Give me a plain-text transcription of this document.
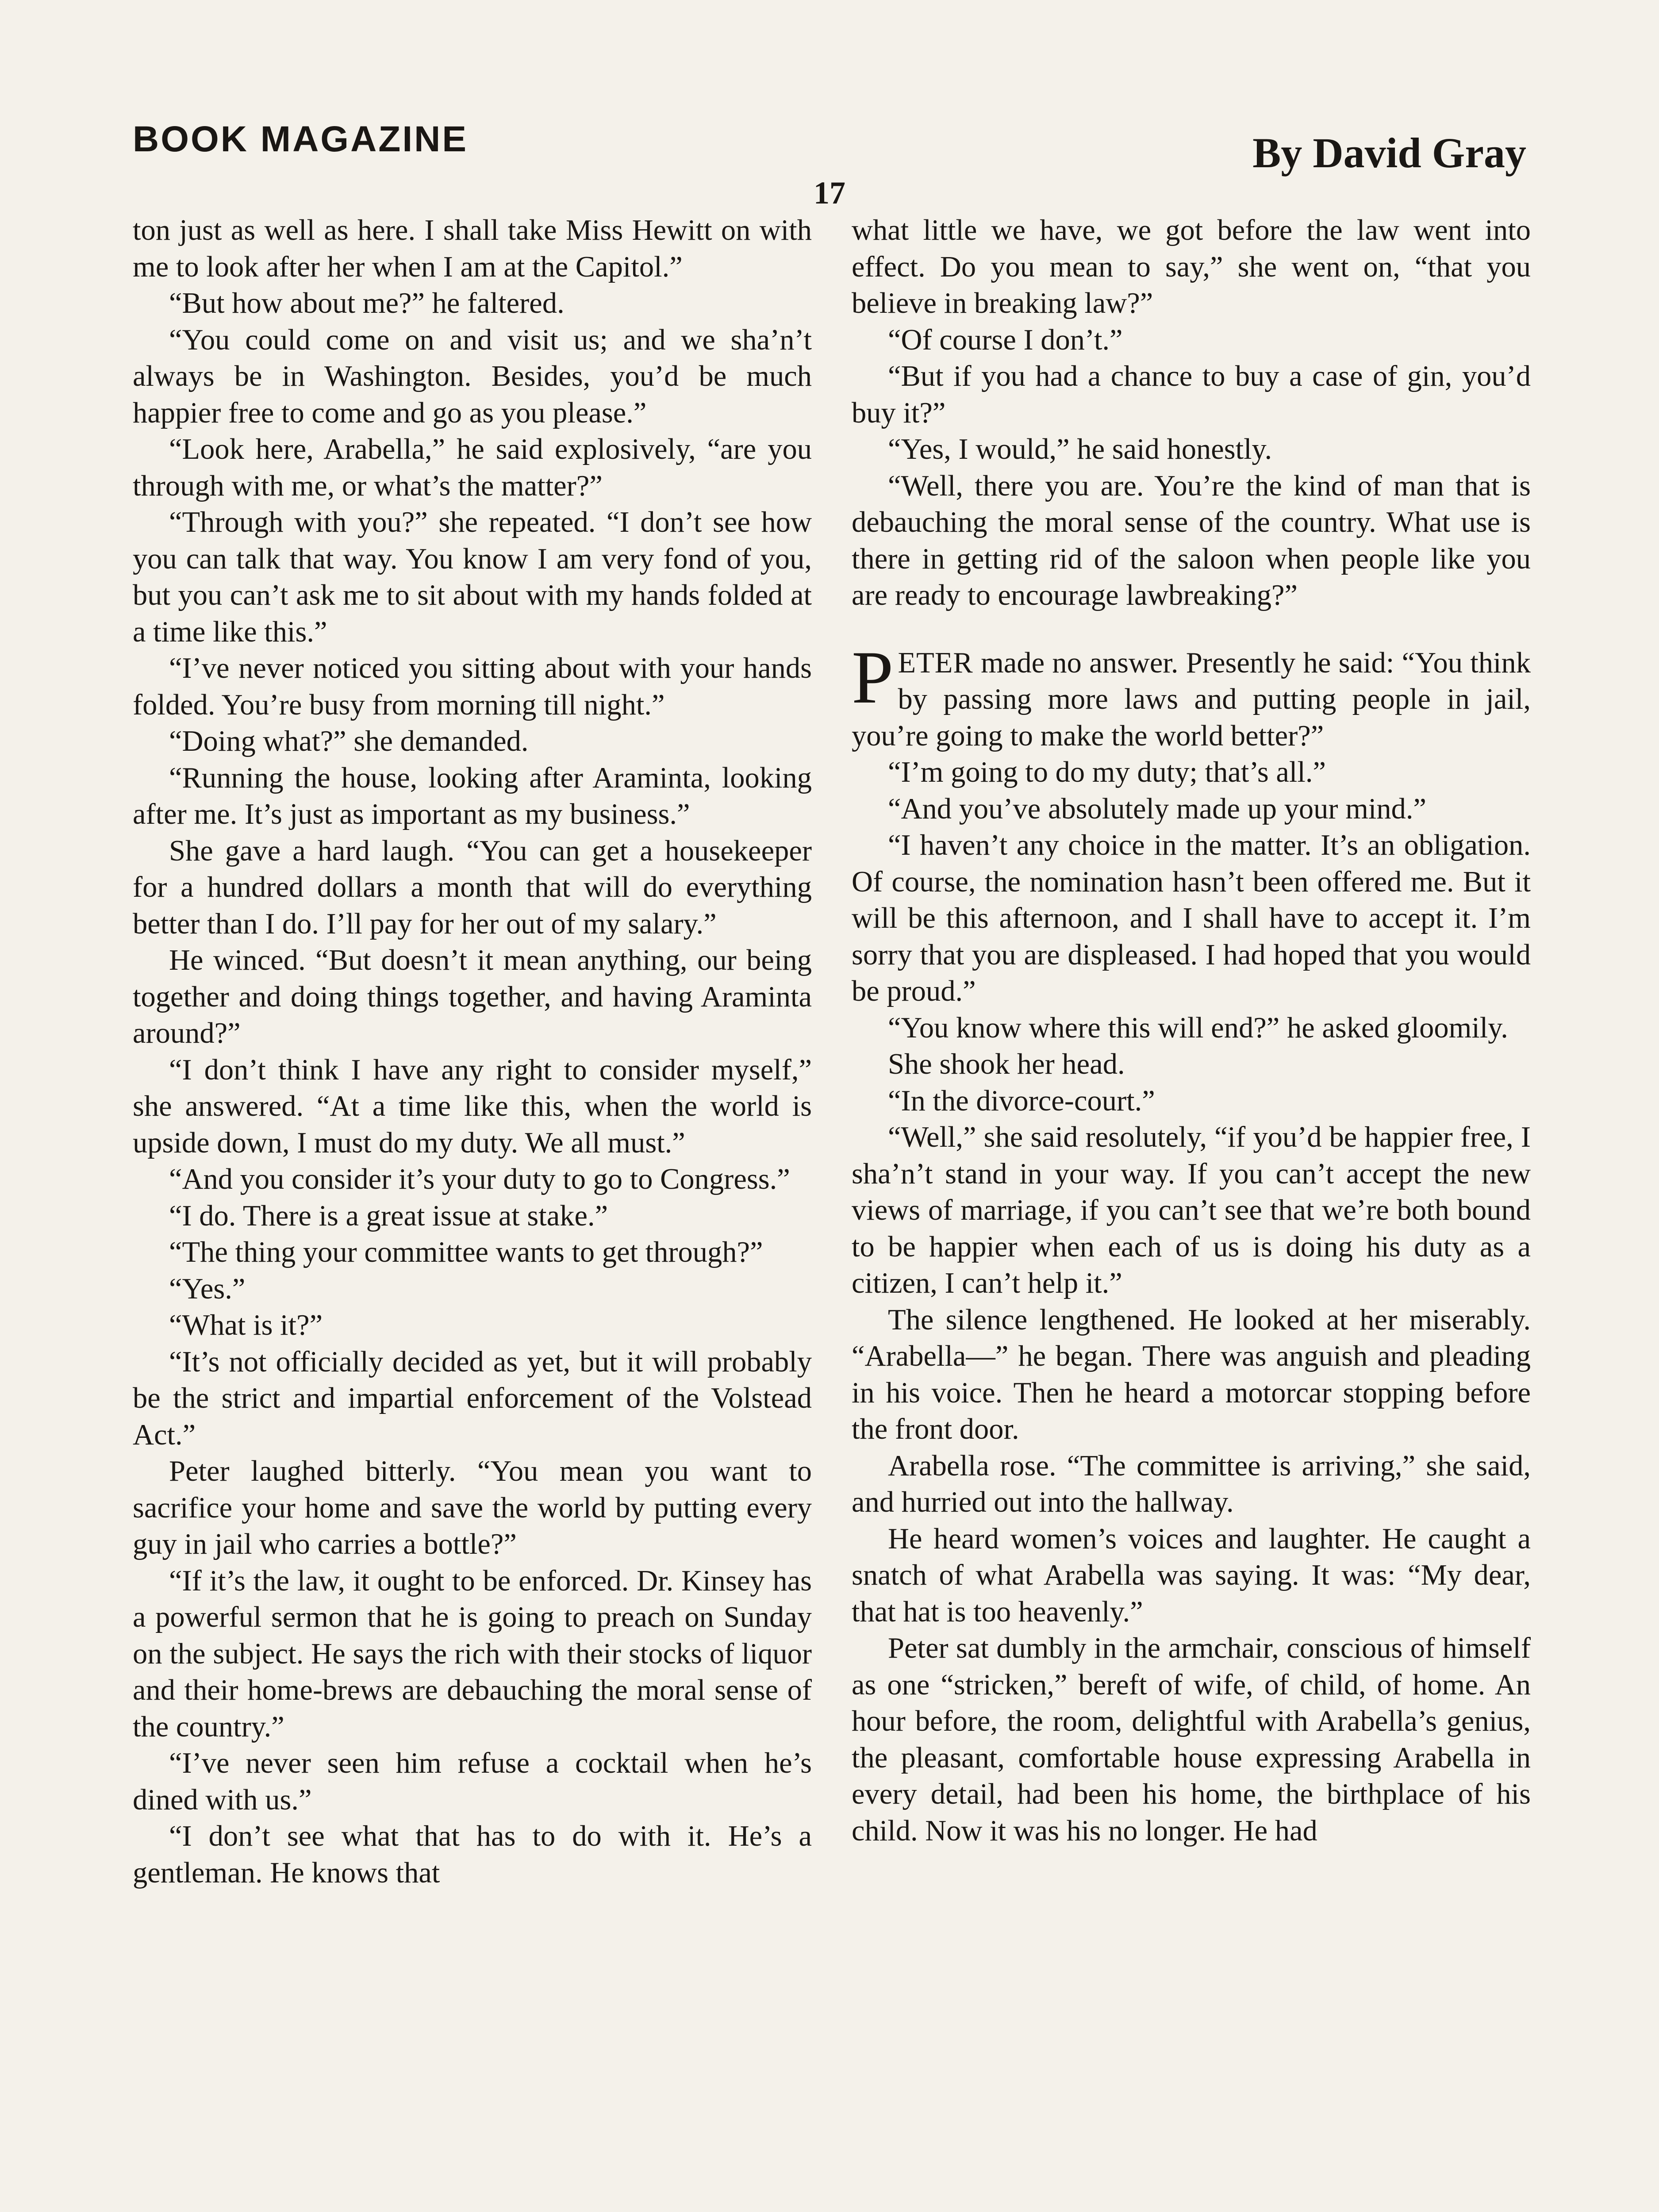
BOOK MAGAZINE	By David Gray
17

ton just as well as here. I shall take Miss Hewitt on with me to look after her when I am at the Capitol.”

“But how about me?” he faltered.

“You could come on and visit us; and we sha’n’t always be in Washington. Besides, you’d be much happier free to come and go as you please.”

“Look here, Arabella,” he said explosively, “are you through with me, or what’s the matter?”

“Through with you?” she repeated. “I don’t see how you can talk that way. You know I am very fond of you, but you can’t ask me to sit about with my hands folded at a time like this.”

“I’ve never noticed you sitting about with your hands folded. You’re busy from morning till night.”

“Doing what?” she demanded.

“Running the house, looking after Araminta, looking after me. It’s just as important as my business.”

She gave a hard laugh. “You can get a housekeeper for a hundred dollars a month that will do everything better than I do. I’ll pay for her out of my salary.”

He winced. “But doesn’t it mean anything, our being together and doing things together, and having Araminta around?”

“I don’t think I have any right to consider myself,” she answered. “At a time like this, when the world is upside down, I must do my duty. We all must.”

“And you consider it’s your duty to go to Congress.”

“I do. There is a great issue at stake.”

“The thing your committee wants to get through?”

“Yes.”

“What is it?”

“It’s not officially decided as yet, but it will probably be the strict and impartial enforcement of the Volstead Act.”

Peter laughed bitterly. “You mean you want to sacrifice your home and save the world by putting every guy in jail who carries a bottle?”

“If it’s the law, it ought to be enforced. Dr. Kinsey has a powerful sermon that he is going to preach on Sunday on the subject. He says the rich with their stocks of liquor and their home-brews are debauching the moral sense of the country.”

“I’ve never seen him refuse a cocktail when he’s dined with us.”

“I don’t see what that has to do with it. He’s a gentleman. He knows that

what little we have, we got before the law went into effect. Do you mean to say,” she went on, “that you believe in breaking law?”

“Of course I don’t.”

“But if you had a chance to buy a case of gin, you’d buy it?”

“Yes, I would,” he said honestly.

“Well, there you are. You’re the kind of man that is debauching the moral sense of the country. What use is there in getting rid of the saloon when people like you are ready to encourage lawbreaking?”

PETER made no answer. Presently he said: “You think by passing more laws and putting people in jail, you’re going to make the world better?”

“I’m going to do my duty; that’s all.”

“And you’ve absolutely made up your mind.”

“I haven’t any choice in the matter. It’s an obligation. Of course, the nomination hasn’t been offered me. But it will be this afternoon, and I shall have to accept it. I’m sorry that you are displeased. I had hoped that you would be proud.”

“You know where this will end?” he asked gloomily.

She shook her head.

“In the divorce-court.”

“Well,” she said resolutely, “if you’d be happier free, I sha’n’t stand in your way. If you can’t accept the new views of marriage, if you can’t see that we’re both bound to be happier when each of us is doing his duty as a citizen, I can’t help it.”

The silence lengthened. He looked at her miserably. “Arabella—” he began. There was anguish and pleading in his voice. Then he heard a motorcar stopping before the front door.

Arabella rose. “The committee is arriving,” she said, and hurried out into the hallway.

He heard women’s voices and laughter. He caught a snatch of what Arabella was saying. It was: “My dear, that hat is too heavenly.”

Peter sat dumbly in the armchair, conscious of himself as one “stricken,” bereft of wife, of child, of home. An hour before, the room, delightful with Arabella’s genius, the pleasant, comfortable house expressing Arabella in every detail, had been his home, the birthplace of his child. Now it was his no longer. He had
